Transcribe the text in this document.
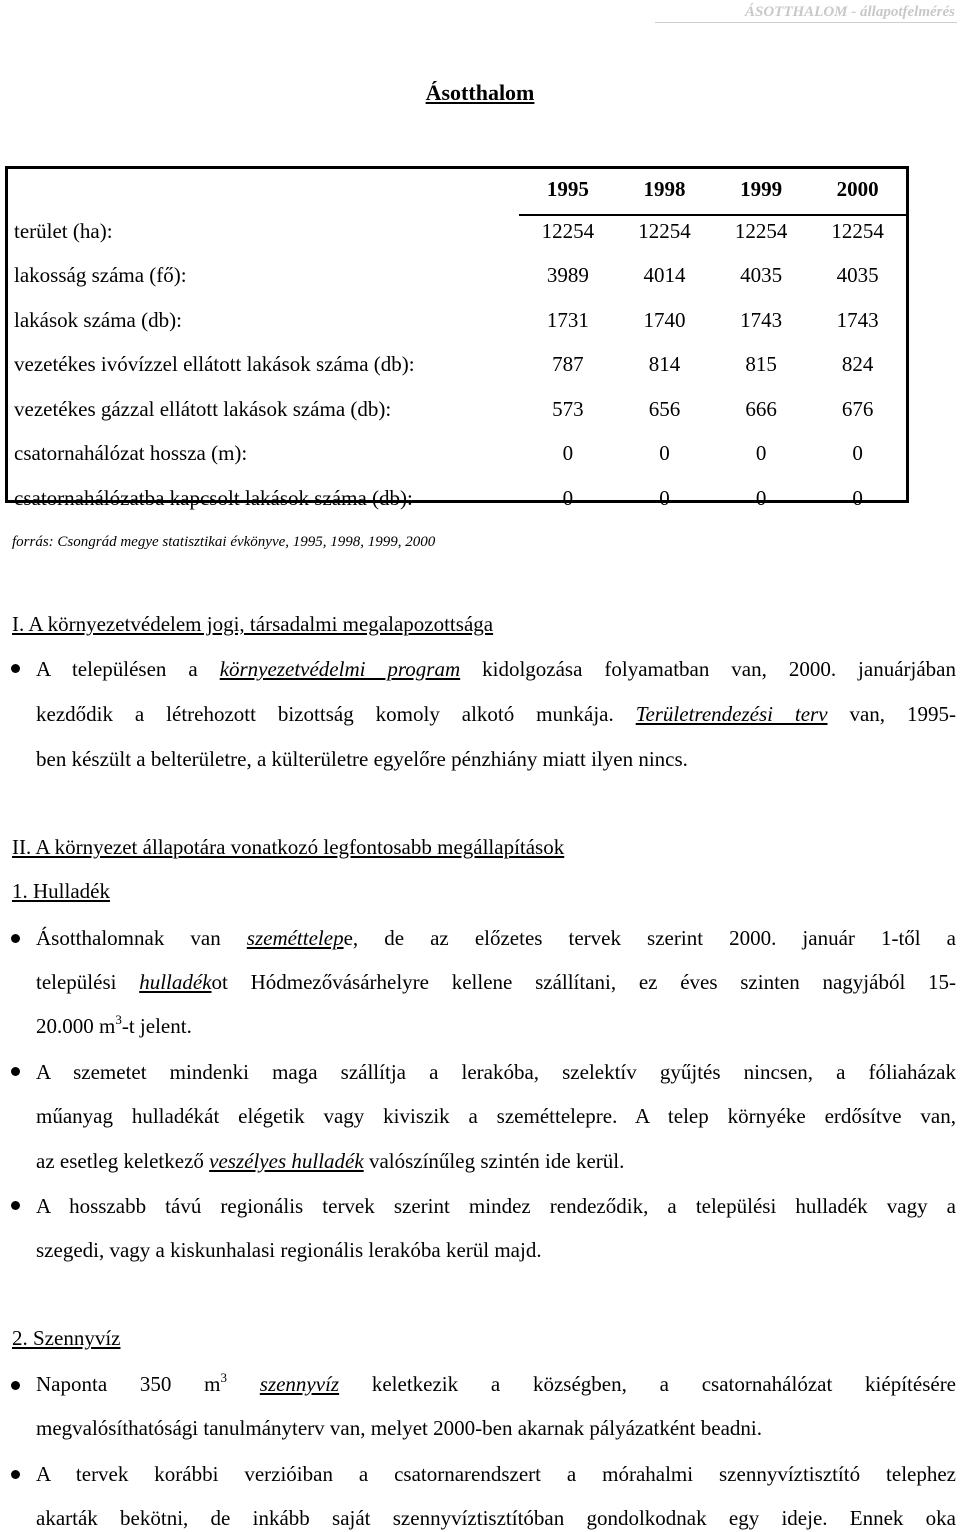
ÁSOTTHALOM - állapotfelmérés
Ásotthalom
	1995	1998	1999	2000
terület (ha):	12254	12254	12254	12254
lakosság száma (fő):	3989	4014	4035	4035
lakások száma (db):	1731	1740	1743	1743
vezetékes ivóvízzel ellátott lakások száma (db):	787	814	815	824
vezetékes gázzal ellátott lakások száma (db):	573	656	666	676
csatornahálózat hossza (m):	0	0	0	0
csatornahálózatba kapcsolt lakások száma (db):	0	0	0	0
forrás: Csongrád megye statisztikai évkönyve, 1995, 1998, 1999, 2000
I. A környezetvédelem jogi, társadalmi megalapozottsága
A településen a környezetvédelmi program kidolgozása folyamatban van, 2000. januárjában
kezdődik a létrehozott bizottság komoly alkotó munkája. Területrendezési terv van, 1995-
ben készült a belterületre, a külterületre egyelőre pénzhiány miatt ilyen nincs.
II. A környezet állapotára vonatkozó legfontosabb megállapítások
1. Hulladék
Ásotthalomnak van szeméttelepe, de az előzetes tervek szerint 2000. január 1-től a
települési hulladékot Hódmezővásárhelyre kellene szállítani, ez éves szinten nagyjából 15-
20.000 $m^3-t$ jelent.
A szemetet mindenki maga szállítja a lerakóba, szelektív gyűjtés nincsen, a fóliaházak
műanyag hulladékát elégetik vagy kiviszik a szeméttelepre. A telep környéke erdősítve van,
az esetleg keletkező veszélyes hulladék valószínűleg szintén ide kerül.
A hosszabb távú regionális tervek szerint mindez rendeződik, a települési hulladék vagy a
szegedi, vagy a kiskunhalasi regionális lerakóba kerül majd.
2. Szennyvíz
Naponta 350 $m^3$ szennyvíz keletkezik a községben, a csatornahálózat kiépítésére
megvalósíthatósági tanulmányterv van, melyet 2000-ben akarnak pályázatként beadni.
A tervek korábbi verzióiban a csatornarendszert a mórahalmi szennyvíztisztító telephez
akarták bekötni, de inkább saját szennyvíztisztítóban gondolkodnak egy ideje. Ennek oka
